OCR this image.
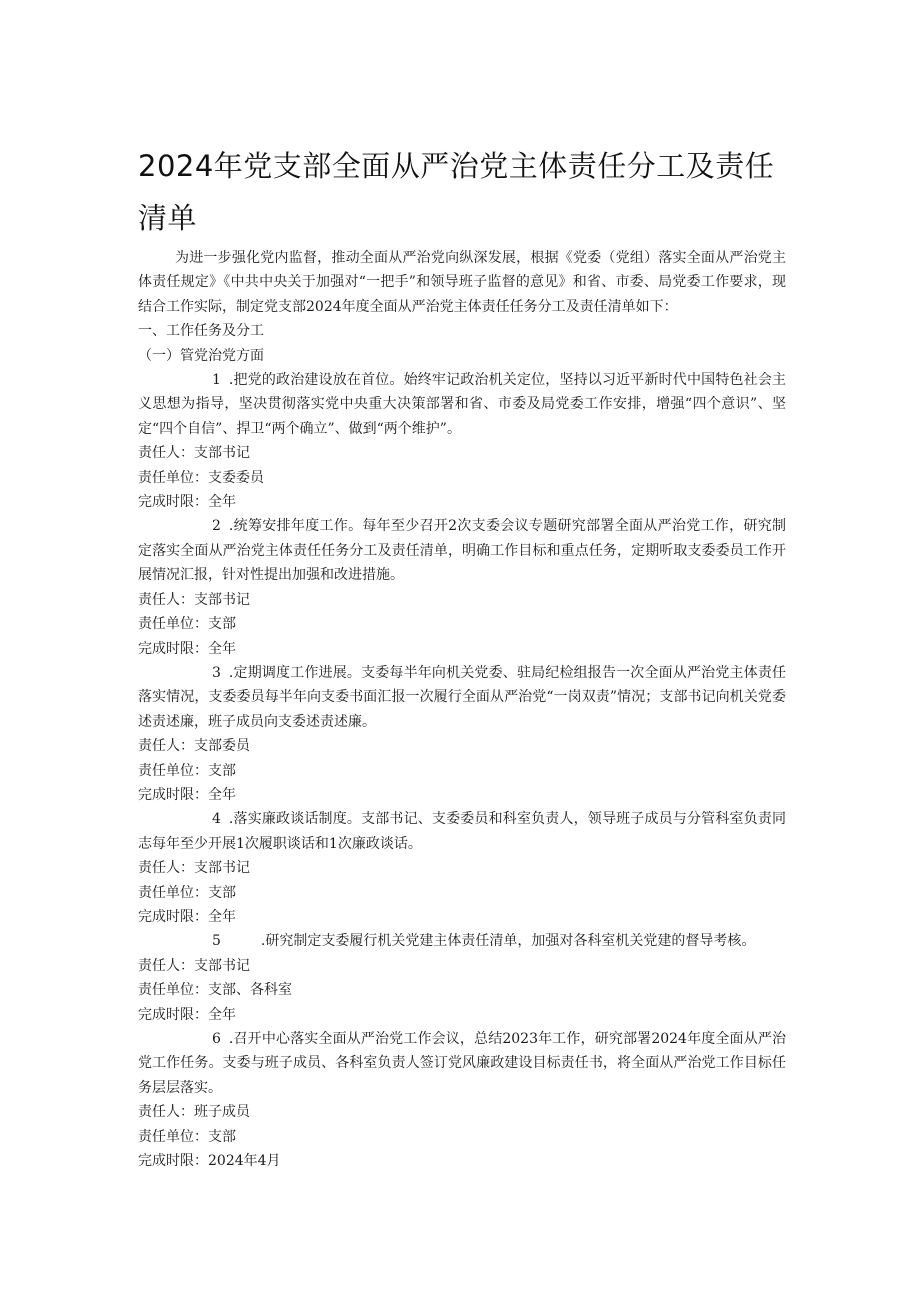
2024年党支部全面从严治党主体责任分工及责任清单

为进一步强化党内监督，推动全面从严治党向纵深发展，根据《党委（党组）落实全面从严治党主体责任规定》《中共中央关于加强对“一把手”和领导班子监督的意见》和省、市委、局党委工作要求，现结合工作实际，制定党支部2024年度全面从严治党主体责任任务分工及责任清单如下：

一、工作任务及分工

（一）管党治党方面

1 .把党的政治建设放在首位。始终牢记政治机关定位，坚持以习近平新时代中国特色社会主义思想为指导，坚决贯彻落实党中央重大决策部署和省、市委及局党委工作安排，增强“四个意识”、坚定“四个自信”、捍卫“两个确立”、做到“两个维护”。

责任人：支部书记

责任单位：支委委员

完成时限：全年

2 .统筹安排年度工作。每年至少召开2次支委会议专题研究部署全面从严治党工作，研究制定落实全面从严治党主体责任任务分工及责任清单，明确工作目标和重点任务，定期听取支委委员工作开展情况汇报，针对性提出加强和改进措施。

责任人：支部书记

责任单位：支部

完成时限：全年

3 .定期调度工作进展。支委每半年向机关党委、驻局纪检组报告一次全面从严治党主体责任落实情况，支委委员每半年向支委书面汇报一次履行全面从严治党“一岗双责”情况；支部书记向机关党委述责述廉，班子成员向支委述责述廉。

责任人：支部委员

责任单位：支部

完成时限：全年

4 .落实廉政谈话制度。支部书记、支委委员和科室负责人，领导班子成员与分管科室负责同志每年至少开展1次履职谈话和1次廉政谈话。

责任人：支部书记

责任单位：支部

完成时限：全年

5	.研究制定支委履行机关党建主体责任清单，加强对各科室机关党建的督导考核。

责任人：支部书记

责任单位：支部、各科室

完成时限：全年

6 .召开中心落实全面从严治党工作会议，总结2023年工作，研究部署2024年度全面从严治党工作任务。支委与班子成员、各科室负责人签订党风廉政建设目标责任书，将全面从严治党工作目标任务层层落实。

责任人：班子成员

责任单位：支部

完成时限：2024年4月
